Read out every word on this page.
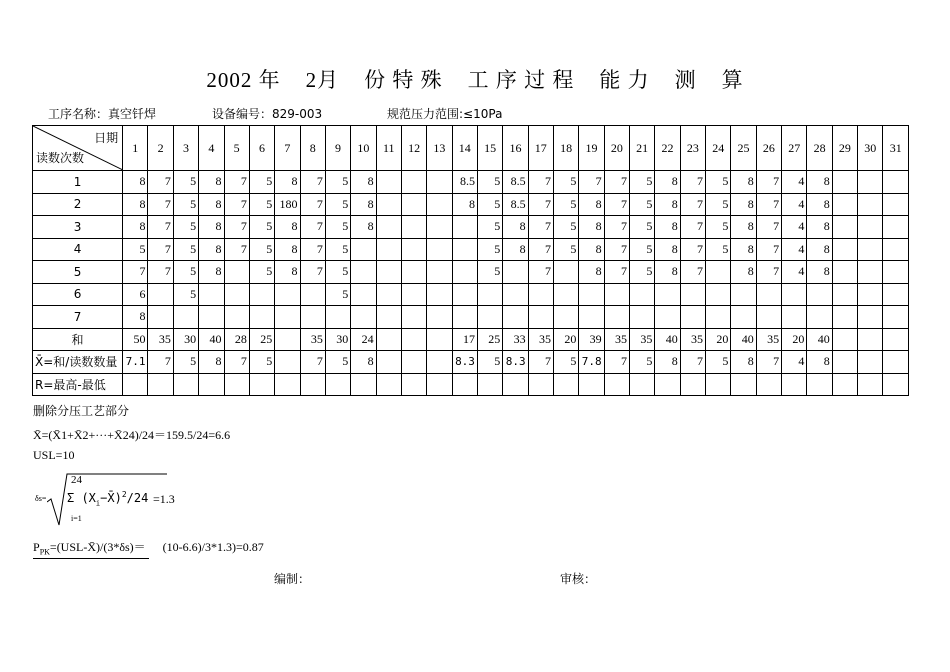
2002 年 2月 份 特 殊 工 序 过 程 能 力 测 算
工序名称：真空钎焊	设备编号：829-003	规范压力范围:≤10Pa
日期
读数次数	1	2	3	4	5	6	7	8	9	10	11	12	13	14	15	16	17	18	19	20	21	22	23	24	25	26	27	28	29	30	31
1	8	7	5	8	7	5	8	7	5	8				8.5	5	8.5	7	5	7	7	5	8	7	5	8	7	4	8			
2	8	7	5	8	7	5	180	7	5	8				8	5	8.5	7	5	8	7	5	8	7	5	8	7	4	8			
3	8	7	5	8	7	5	8	7	5	8					5	8	7	5	8	7	5	8	7	5	8	7	4	8			
4	5	7	5	8	7	5	8	7	5						5	8	7	5	8	7	5	8	7	5	8	7	4	8			
5	7	7	5	8		5	8	7	5						5		7		8	7	5	8	7		8	7	4	8			
6	6		5						5																						
7	8																														
和	50	35	30	40	28	25		35	30	24				17	25	33	35	20	39	35	35	40	35	20	40	35	20	40			
X̄=和/读数数量	7.1	7	5	8	7	5		7	5	8				8.3	5	8.3	7	5	7.8	7	5	8	7	5	8	7	4	8			
R=最高-最低																															
删除分压工艺部分
X̄=(X̄1+X̄2+···+X̄24)/24＝159.5/24=6.6
USL=10
δs=
24
Σ $(X_i-X̄)^2/24$
i=1
=1.3
$P_{PK}=(USL-X̄)/(3*\delta s)= (10-6.6)/3*1.3)=0.87$
编制：	审核：
